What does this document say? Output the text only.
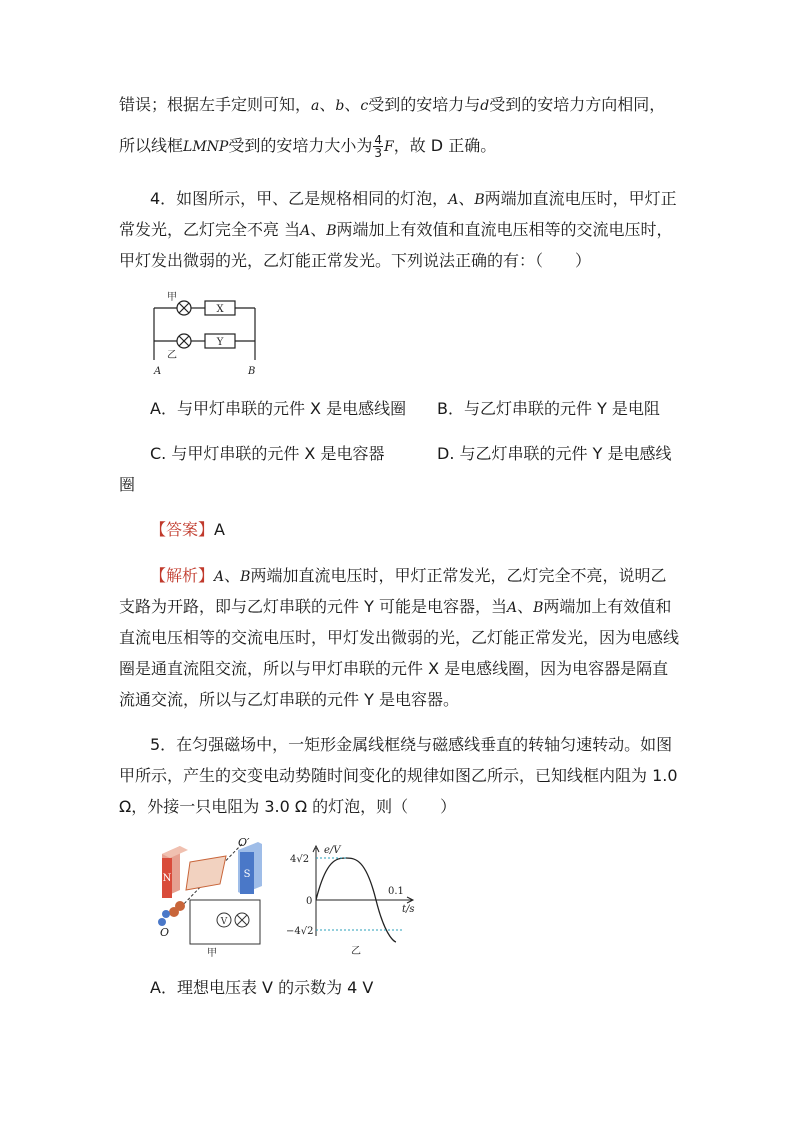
错误；根据左手定则可知，a、b、c受到的安培力与d受到的安培力方向相同，
所以线框LMNP受到的安培力大小为 $\frac{4}{3}$ F，故 D 正确。
4．如图所示，甲、乙是规格相同的灯泡，A、B两端加直流电压时，甲灯正
常发光，乙灯完全不亮 当A、B两端加上有效值和直流电压相等的交流电压时，
甲灯发出微弱的光，乙灯能正常发光。下列说法正确的有：（　　）
甲
乙
X
Y
A	B
A．与甲灯串联的元件 X 是电感线圈 B．与乙灯串联的元件 Y 是电阻
C. 与甲灯串联的元件 X 是电容器	D. 与乙灯串联的元件 Y 是电感线
圈
【答案】A
【解析】A、B两端加直流电压时，甲灯正常发光，乙灯完全不亮，说明乙
支路为开路，即与乙灯串联的元件 Y 可能是电容器，当A、B两端加上有效值和
直流电压相等的交流电压时，甲灯发出微弱的光，乙灯能正常发光，因为电感线
圈是通直流阻交流，所以与甲灯串联的元件 X 是电感线圈，因为电容器是隔直
流通交流，所以与乙灯串联的元件 Y 是电容器。
5．在匀强磁场中，一矩形金属线框绕与磁感线垂直的转轴匀速转动。如图
甲所示，产生的交变电动势随时间变化的规律如图乙所示，已知线框内阻为 1.0
Ω，外接一只电阻为 3.0 Ω 的灯泡，则（　　）
N	S
V
O′
O
甲
e/V
4√2
0
−4√2
0.1
t/s
乙
A．理想电压表 V 的示数为 4 V
